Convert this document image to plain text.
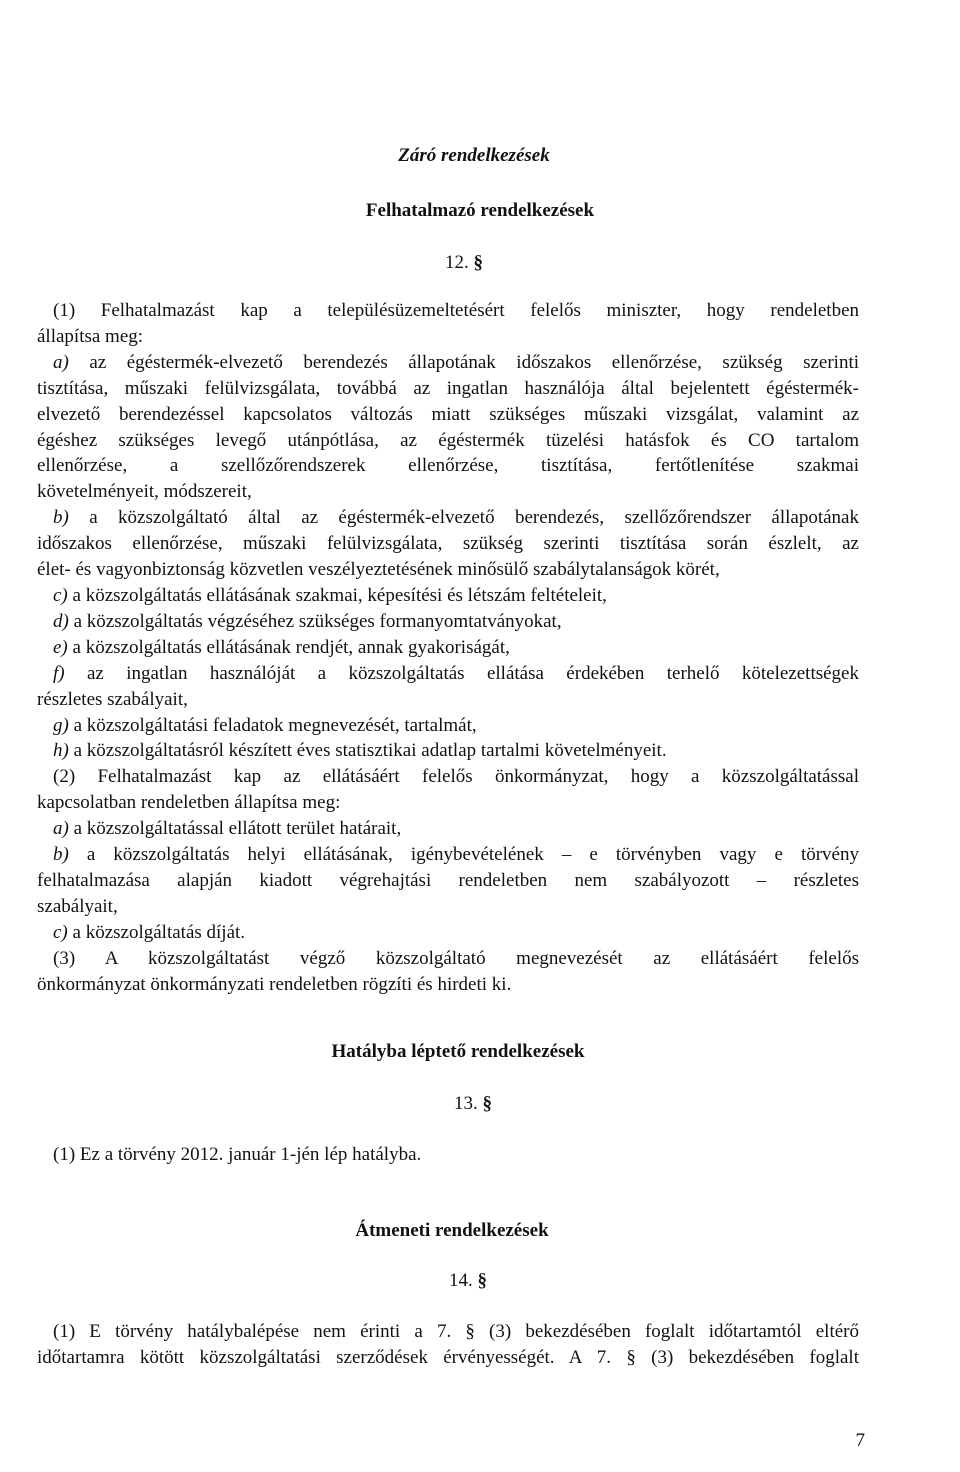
Záró rendelkezések
Felhatalmazó rendelkezések
12. §
(1) Felhatalmazást kap a településüzemeltetésért felelős miniszter, hogy rendeletben
állapítsa meg:
a) az égéstermék-elvezető berendezés állapotának időszakos ellenőrzése, szükség szerinti
tisztítása, műszaki felülvizsgálata, továbbá az ingatlan használója által bejelentett égéstermék-
elvezető berendezéssel kapcsolatos változás miatt szükséges műszaki vizsgálat, valamint az
égéshez szükséges levegő utánpótlása, az égéstermék tüzelési hatásfok és CO tartalom
ellenőrzése, a szellőzőrendszerek ellenőrzése, tisztítása, fertőtlenítése szakmai
követelményeit, módszereit,
b) a közszolgáltató által az égéstermék-elvezető berendezés, szellőzőrendszer állapotának
időszakos ellenőrzése, műszaki felülvizsgálata, szükség szerinti tisztítása során észlelt, az
élet- és vagyonbiztonság közvetlen veszélyeztetésének minősülő szabálytalanságok körét,
c) a közszolgáltatás ellátásának szakmai, képesítési és létszám feltételeit,
d) a közszolgáltatás végzéséhez szükséges formanyomtatványokat,
e) a közszolgáltatás ellátásának rendjét, annak gyakoriságát,
f) az ingatlan használóját a közszolgáltatás ellátása érdekében terhelő kötelezettségek
részletes szabályait,
g) a közszolgáltatási feladatok megnevezését, tartalmát,
h) a közszolgáltatásról készített éves statisztikai adatlap tartalmi követelményeit.
(2) Felhatalmazást kap az ellátásáért felelős önkormányzat, hogy a közszolgáltatással
kapcsolatban rendeletben állapítsa meg:
a) a közszolgáltatással ellátott terület határait,
b) a közszolgáltatás helyi ellátásának, igénybevételének – e törvényben vagy e törvény
felhatalmazása alapján kiadott végrehajtási rendeletben nem szabályozott – részletes
szabályait,
c) a közszolgáltatás díját.
(3) A közszolgáltatást végző közszolgáltató megnevezését az ellátásáért felelős
önkormányzat önkormányzati rendeletben rögzíti és hirdeti ki.
Hatályba léptető rendelkezések
13. §
(1) Ez a törvény 2012. január 1-jén lép hatályba.
Átmeneti rendelkezések
14. §
(1) E törvény hatálybalépése nem érinti a 7. § (3) bekezdésében foglalt időtartamtól eltérő
időtartamra kötött közszolgáltatási szerződések érvényességét. A 7. § (3) bekezdésében foglalt
7
